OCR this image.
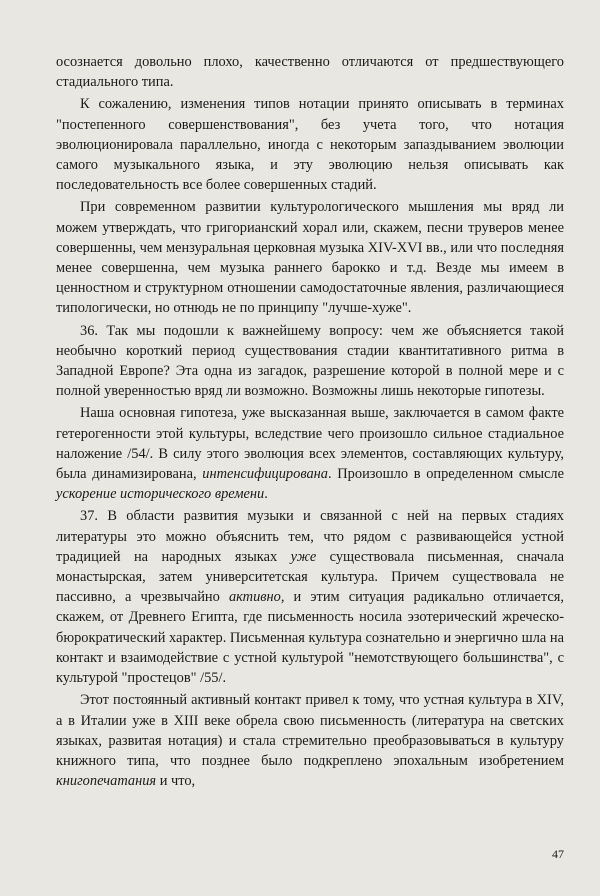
осознается довольно плохо, качественно отличаются от предшествующего стадиального типа.

К сожалению, изменения типов нотации принято описывать в терминах "постепенного совершенствования", без учета того, что нотация эволюционировала параллельно, иногда с некоторым запаздыванием эволюции самого музыкального языка, и эту эволюцию нельзя описывать как последовательность все более совершенных стадий.

При современном развитии культурологического мышления мы вряд ли можем утверждать, что григорианский хорал или, скажем, песни труверов менее совершенны, чем мензуральная церковная музыка XIV-XVI вв., или что последняя менее совершенна, чем музыка раннего барокко и т.д. Везде мы имеем в ценностном и структурном отношении самодостаточные явления, различающиеся типологически, но отнюдь не по принципу "лучше-хуже".

36. Так мы подошли к важнейшему вопросу: чем же объясняется такой необычно короткий период существования стадии квантитативного ритма в Западной Европе? Эта одна из загадок, разрешение которой в полной мере и с полной уверенностью вряд ли возможно. Возможны лишь некоторые гипотезы.

Наша основная гипотеза, уже высказанная выше, заключается в самом факте гетерогенности этой культуры, вследствие чего произошло сильное стадиальное наложение /54/. В силу этого эволюция всех элементов, составляющих культуру, была динамизирована, интенсифицирована. Произошло в определенном смысле ускорение исторического времени.

37. В области развития музыки и связанной с ней на первых стадиях литературы это можно объяснить тем, что рядом с развивающейся устной традицией на народных языках уже существовала письменная, сначала монастырская, затем университетская культура. Причем существовала не пассивно, а чрезвычайно активно, и этим ситуация радикально отличается, скажем, от Древнего Египта, где письменность носила эзотерический жреческо-бюрократический характер. Письменная культура сознательно и энергично шла на контакт и взаимодействие с устной культурой "немотствующего большинства", с культурой "простецов" /55/.

Этот постоянный активный контакт привел к тому, что устная культура в XIV, а в Италии уже в XIII веке обрела свою письменность (литература на светских языках, развитая нотация) и стала стремительно преобразовываться в культуру книжного типа, что позднее было подкреплено эпохальным изобретением книгопечатания и что,

47
